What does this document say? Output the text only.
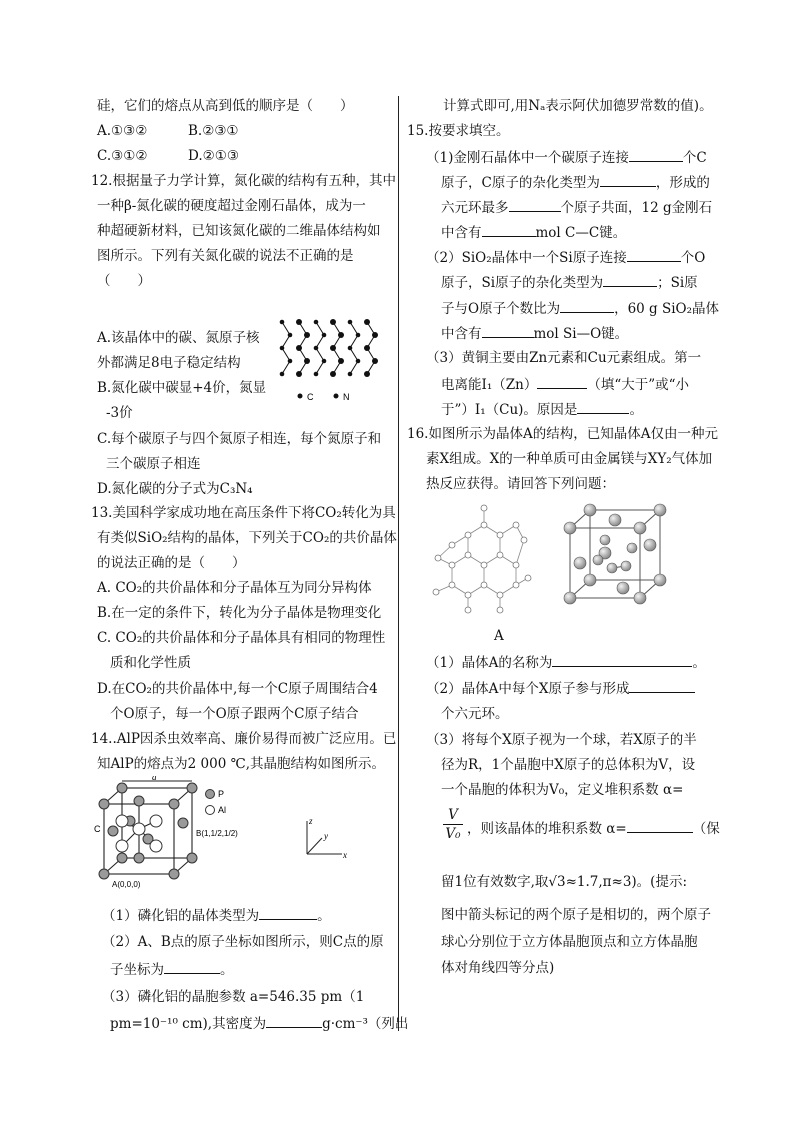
硅，它们的熔点从高到低的顺序是（　　）
A.①③②	B.②③①
C.③①②	D.②①③
12.根据量子力学计算，氮化碳的结构有五种，其中
一种β-氮化碳的硬度超过金刚石晶体，成为一
种超硬新材料，已知该氮化碳的二维晶体结构如
图所示。下列有关氮化碳的说法不正确的是
（　　）
A.该晶体中的碳、氮原子核
外都满足8电子稳定结构
B.氮化碳中碳显+4价，氮显
-3价
C.每个碳原子与四个氮原子相连，每个氮原子和
三个碳原子相连
D.氮化碳的分子式为C₃N₄
C	N
13.美国科学家成功地在高压条件下将CO₂转化为具
有类似SiO₂结构的晶体，下列关于CO₂的共价晶体
的说法正确的是（　　）
A. CO₂的共价晶体和分子晶体互为同分异构体
B.在一定的条件下，转化为分子晶体是物理变化
C. CO₂的共价晶体和分子晶体具有相同的物理性
质和化学性质
D.在CO₂的共价晶体中,每一个C原子周围结合4
个O原子，每一个O原子跟两个C原子结合
14..AlP因杀虫效率高、廉价易得而被广泛应用。已
知AlP的熔点为2 000 ℃,其晶胞结构如图所示。
a
P
Al
C	B(1,1/2,1/2)
A(0,0,0)
z
y
x
（1）磷化铝的晶体类型为	。
（2）A、B点的原子坐标如图所示，则C点的原
子坐标为	。
（3）磷化铝的晶胞参数 a=546.35 pm（1
pm=10⁻¹⁰ cm),其密度为	g·cm⁻³（列出
计算式即可,用Nₐ表示阿伏加德罗常数的值)。
15.按要求填空。
（1)金刚石晶体中一个碳原子连接	个C
原子，C原子的杂化类型为	，形成的
六元环最多	个原子共面，12 g金刚石
中含有	mol C—C键。
（2）SiO₂晶体中一个Si原子连接	个O
原子，Si原子的杂化类型为	；Si原
子与O原子个数比为	，60 g SiO₂晶体
中含有	mol Si—O键。
（3）黄铜主要由Zn元素和Cu元素组成。第一
电离能I₁（Zn）	（填“大于”或“小
于”）I₁（Cu)。原因是	。
16.如图所示为晶体A的结构，已知晶体A仅由一种元
素X组成。X的一种单质可由金属镁与XY₂气体加
热反应获得。请回答下列问题：
A
（1）晶体A的名称为	。
（2）晶体A中每个X原子参与形成
个六元环。
（3）将每个X原子视为一个球，若X原子的半
径为R，1个晶胞中X原子的总体积为V，设
一个晶胞的体积为V₀，定义堆积系数 α=
V
V₀ ，则该晶体的堆积系数 α=	（保
留1位有效数字,取√3≈1.7,π≈3)。(提示:
图中箭头标记的两个原子是相切的，两个原子
球心分别位于立方体晶胞顶点和立方体晶胞
体对角线四等分点)
